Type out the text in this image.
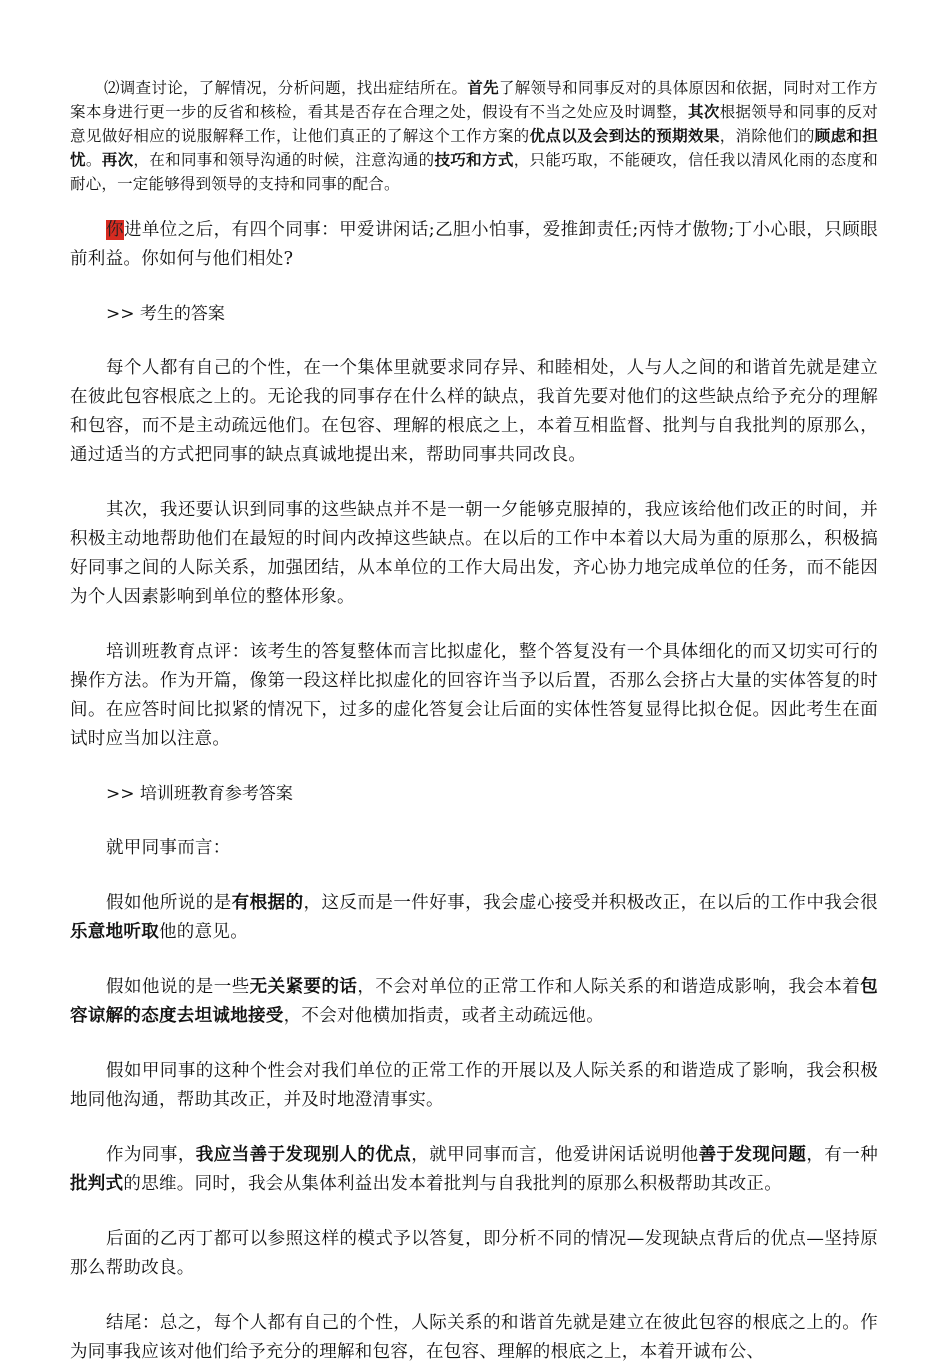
⑵调查讨论，了解情况，分析问题，找出症结所在。首先了解领导和同事反对的具体原因和依据，同时对工作方案本身进行更一步的反省和核检，看其是否存在合理之处，假设有不当之处应及时调整，其次根据领导和同事的反对意见做好相应的说服解释工作，让他们真正的了解这个工作方案的优点以及会到达的预期效果，消除他们的顾虑和担忧。再次，在和同事和领导沟通的时候，注意沟通的技巧和方式，只能巧取，不能硬攻，信任我以清风化雨的态度和耐心，一定能够得到领导的支持和同事的配合。

你进单位之后，有四个同事：甲爱讲闲话;乙胆小怕事，爱推卸责任;丙恃才傲物;丁小心眼，只顾眼前利益。你如何与他们相处?

>> 考生的答案

每个人都有自己的个性，在一个集体里就要求同存异、和睦相处，人与人之间的和谐首先就是建立在彼此包容根底之上的。无论我的同事存在什么样的缺点，我首先要对他们的这些缺点给予充分的理解和包容，而不是主动疏远他们。在包容、理解的根底之上，本着互相监督、批判与自我批判的原那么，通过适当的方式把同事的缺点真诚地提出来，帮助同事共同改良。

其次，我还要认识到同事的这些缺点并不是一朝一夕能够克服掉的，我应该给他们改正的时间，并积极主动地帮助他们在最短的时间内改掉这些缺点。在以后的工作中本着以大局为重的原那么，积极搞好同事之间的人际关系，加强团结，从本单位的工作大局出发，齐心协力地完成单位的任务，而不能因为个人因素影响到单位的整体形象。

培训班教育点评：该考生的答复整体而言比拟虚化，整个答复没有一个具体细化的而又切实可行的操作方法。作为开篇，像第一段这样比拟虚化的回容许当予以后置，否那么会挤占大量的实体答复的时间。在应答时间比拟紧的情况下，过多的虚化答复会让后面的实体性答复显得比拟仓促。因此考生在面试时应当加以注意。

>> 培训班教育参考答案

就甲同事而言：

假如他所说的是有根据的，这反而是一件好事，我会虚心接受并积极改正，在以后的工作中我会很乐意地听取他的意见。

假如他说的是一些无关紧要的话，不会对单位的正常工作和人际关系的和谐造成影响，我会本着包容谅解的态度去坦诚地接受，不会对他横加指责，或者主动疏远他。

假如甲同事的这种个性会对我们单位的正常工作的开展以及人际关系的和谐造成了影响，我会积极地同他沟通，帮助其改正，并及时地澄清事实。

作为同事，我应当善于发现别人的优点，就甲同事而言，他爱讲闲话说明他善于发现问题，有一种批判式的思维。同时，我会从集体利益出发本着批判与自我批判的原那么积极帮助其改正。

后面的乙丙丁都可以参照这样的模式予以答复，即分析不同的情况—发现缺点背后的优点—坚持原那么帮助改良。

结尾：总之，每个人都有自己的个性，人际关系的和谐首先就是建立在彼此包容的根底之上的。作为同事我应该对他们给予充分的理解和包容，在包容、理解的根底之上，本着开诚布公、
